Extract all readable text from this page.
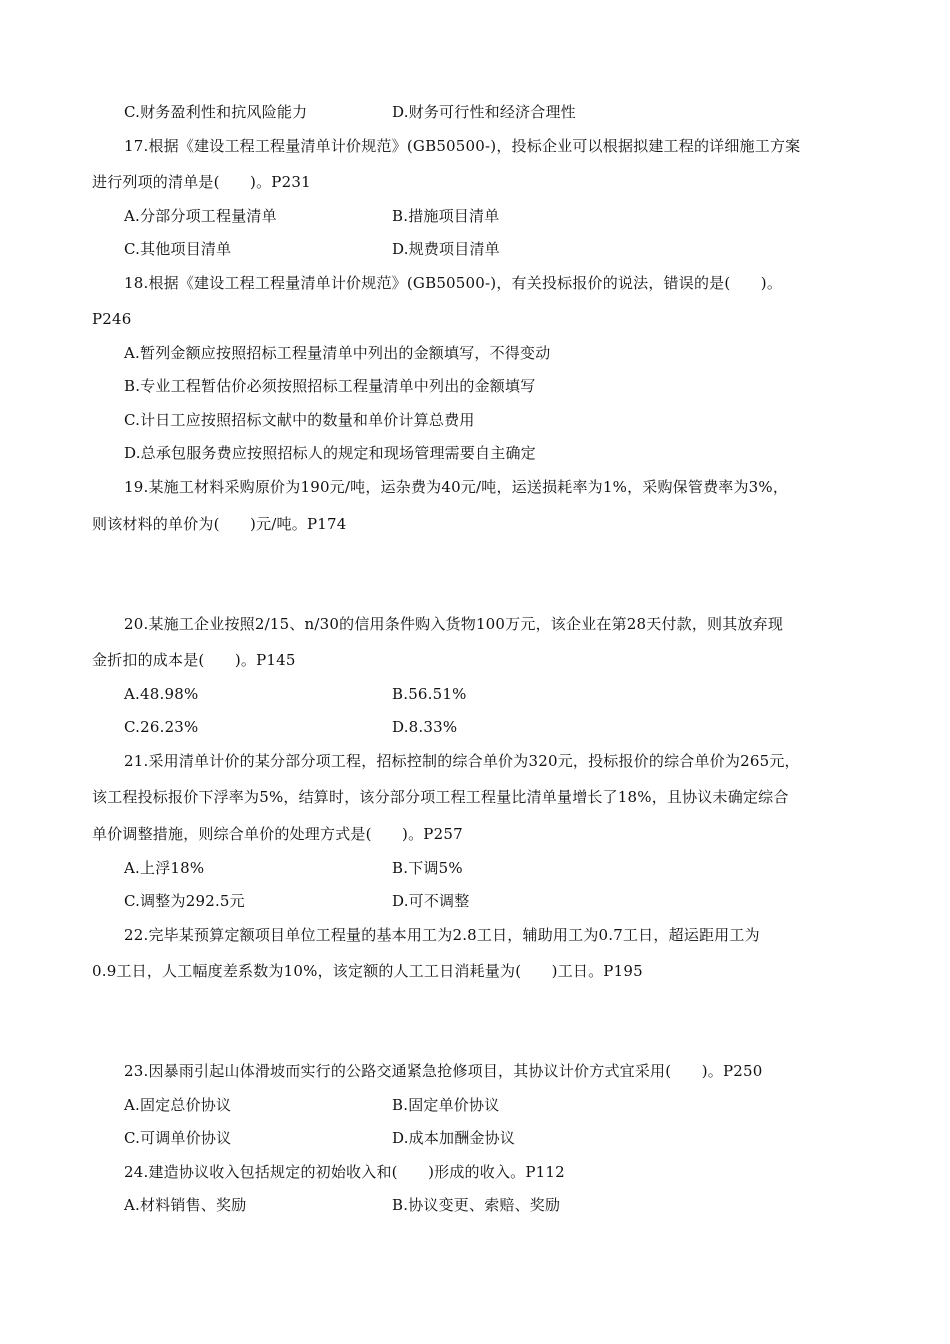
C.财务盈利性和抗风险能力	D.财务可行性和经济合理性
17.根据《建设工程工程量清单计价规范》(GB50500-)，投标企业可以根据拟建工程的详细施工方案
进行列项的清单是(　　)。P231
A.分部分项工程量清单	B.措施项目清单
C.其他项目清单	D.规费项目清单
18.根据《建设工程工程量清单计价规范》(GB50500-)，有关投标报价的说法，错误的是(　　)。
P246
A.暂列金额应按照招标工程量清单中列出的金额填写，不得变动
B.专业工程暂估价必须按照招标工程量清单中列出的金额填写
C.计日工应按照招标文献中的数量和单价计算总费用
D.总承包服务费应按照招标人的规定和现场管理需要自主确定
19.某施工材料采购原价为190元/吨，运杂费为40元/吨，运送损耗率为1%，采购保管费率为3%，
则该材料的单价为(　　)元/吨。P174
20.某施工企业按照2/15、n/30的信用条件购入货物100万元，该企业在第28天付款，则其放弃现
金折扣的成本是(　　)。P145
A.48.98%	B.56.51%
C.26.23%	D.8.33%
21.采用清单计价的某分部分项工程，招标控制的综合单价为320元，投标报价的综合单价为265元，
该工程投标报价下浮率为5%，结算时，该分部分项工程工程量比清单量增长了18%，且协议未确定综合
单价调整措施，则综合单价的处理方式是(　　)。P257
A.上浮18%	B.下调5%
C.调整为292.5元	D.可不调整
22.完毕某预算定额项目单位工程量的基本用工为2.8工日，辅助用工为0.7工日，超运距用工为
0.9工日，人工幅度差系数为10%，该定额的人工工日消耗量为(　　)工日。P195
23.因暴雨引起山体滑坡而实行的公路交通紧急抢修项目，其协议计价方式宜采用(　　)。P250
A.固定总价协议	B.固定单价协议
C.可调单价协议	D.成本加酬金协议
24.建造协议收入包括规定的初始收入和(　　)形成的收入。P112
A.材料销售、奖励	B.协议变更、索赔、奖励
